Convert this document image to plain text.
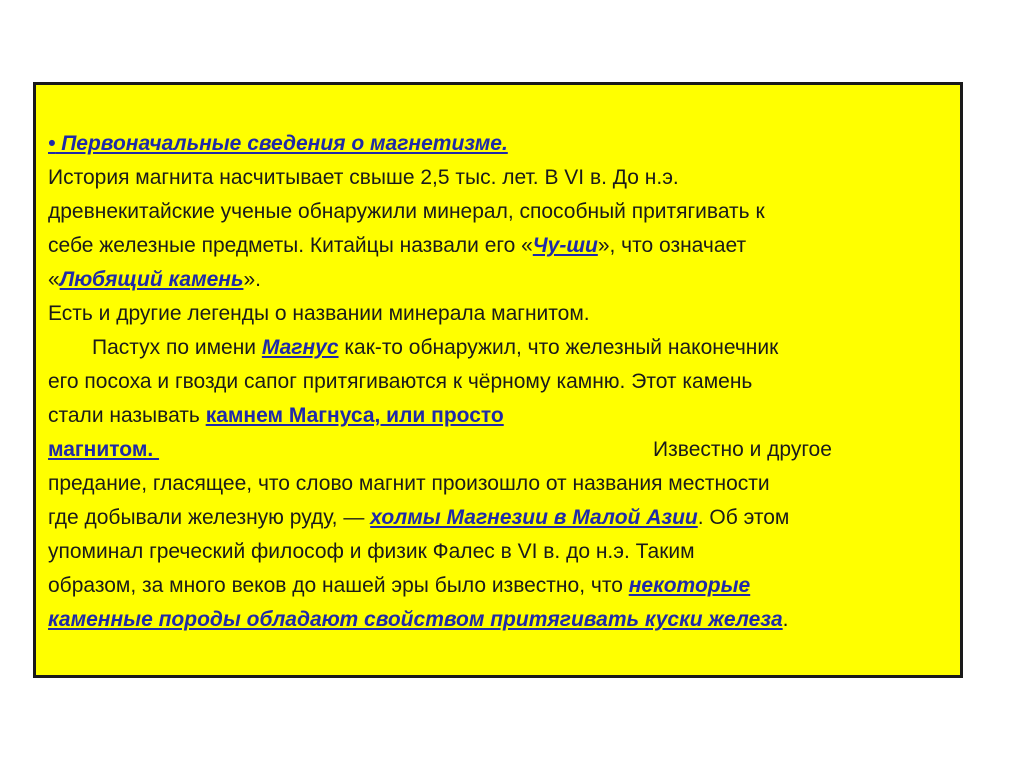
• Первоначальные сведения о магнетизме.
История магнита насчитывает свыше 2,5 тыс. лет. В VI в. До н.э.
древнекитайские ученые обнаружили минерал, способный притягивать к
себе железные предметы. Китайцы назвали его «Чу-ши», что означает
«Любящий камень».
Есть и другие легенды о названии минерала магнитом.
Пастух по имени Магнус как-то обнаружил, что железный наконечник
его посоха и гвозди сапог притягиваются к чёрному камню. Этот камень
стали называть камнем Магнуса, или просто
магнитом.	Известно и другое
предание, гласящее, что слово магнит произошло от названия местности
где добывали железную руду, — холмы Магнезии в Малой Азии. Об этом
упоминал греческий философ и физик Фалес в VI в. до н.э. Таким
образом, за много веков до нашей эры было известно, что некоторые
каменные породы обладают свойством притягивать куски железа.
